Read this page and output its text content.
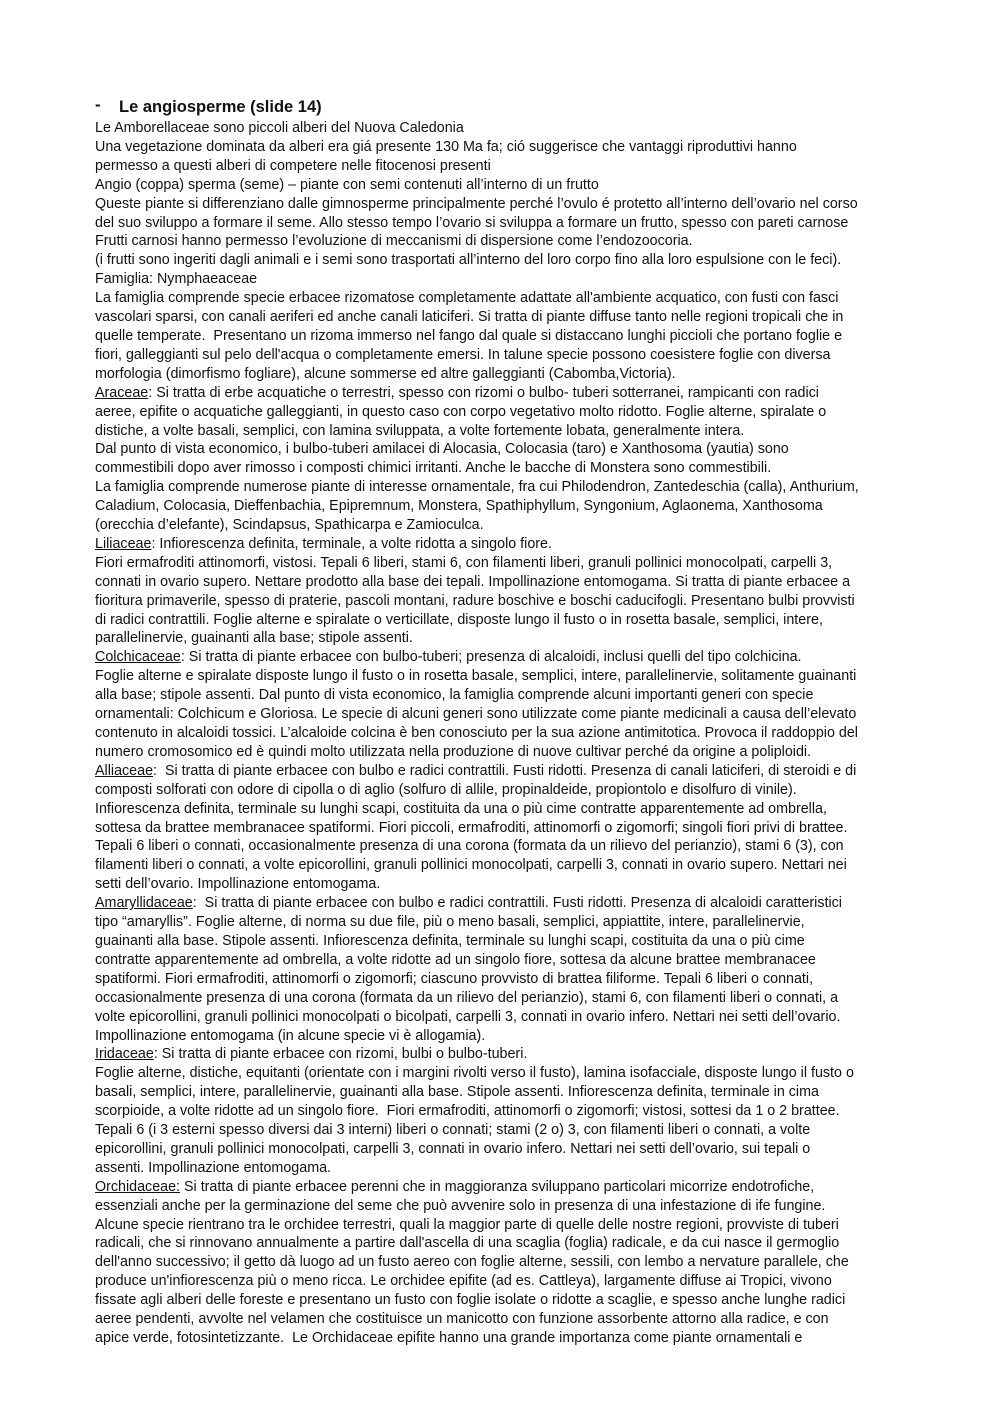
- Le angiosperme (slide 14)
Le Amborellaceae sono piccoli alberi del Nuova Caledonia
Una vegetazione dominata da alberi era giá presente 130 Ma fa; ció suggerisce che vantaggi riproduttivi hanno
permesso a questi alberi di competere nelle fitocenosi presenti
Angio (coppa) sperma (seme) – piante con semi contenuti all’interno di un frutto
Queste piante si differenziano dalle gimnosperme principalmente perché l’ovulo é protetto all’interno dell’ovario nel corso
del suo sviluppo a formare il seme. Allo stesso tempo l’ovario si sviluppa a formare un frutto, spesso con pareti carnose
Frutti carnosi hanno permesso l’evoluzione di meccanismi di dispersione come l’endozoocoria.
(i frutti sono ingeriti dagli animali e i semi sono trasportati all’interno del loro corpo fino alla loro espulsione con le feci).
Famiglia: Nymphaeaceae
La famiglia comprende specie erbacee rizomatose completamente adattate all'ambiente acquatico, con fusti con fasci
vascolari sparsi, con canali aeriferi ed anche canali laticiferi. Si tratta di piante diffuse tanto nelle regioni tropicali che in
quelle temperate.  Presentano un rizoma immerso nel fango dal quale si distaccano lunghi piccioli che portano foglie e
fiori, galleggianti sul pelo dell'acqua o completamente emersi. In talune specie possono coesistere foglie con diversa
morfologia (dimorfismo fogliare), alcune sommerse ed altre galleggianti (Cabomba,Victoria).
Araceae: Si tratta di erbe acquatiche o terrestri, spesso con rizomi o bulbo- tuberi sotterranei, rampicanti con radici
aeree, epifite o acquatiche galleggianti, in questo caso con corpo vegetativo molto ridotto. Foglie alterne, spiralate o
distiche, a volte basali, semplici, con lamina sviluppata, a volte fortemente lobata, generalmente intera.
Dal punto di vista economico, i bulbo-tuberi amilacei di Alocasia, Colocasia (taro) e Xanthosoma (yautia) sono
commestibili dopo aver rimosso i composti chimici irritanti. Anche le bacche di Monstera sono commestibili.
La famiglia comprende numerose piante di interesse ornamentale, fra cui Philodendron, Zantedeschia (calla), Anthurium,
Caladium, Colocasia, Dieffenbachia, Epipremnum, Monstera, Spathiphyllum, Syngonium, Aglaonema, Xanthosoma
(orecchia d’elefante), Scindapsus, Spathicarpa e Zamioculca.
Liliaceae: Infiorescenza definita, terminale, a volte ridotta a singolo fiore.
Fiori ermafroditi attinomorfi, vistosi. Tepali 6 liberi, stami 6, con filamenti liberi, granuli pollinici monocolpati, carpelli 3,
connati in ovario supero. Nettare prodotto alla base dei tepali. Impollinazione entomogama. Si tratta di piante erbacee a
fioritura primaverile, spesso di praterie, pascoli montani, radure boschive e boschi caducifogli. Presentano bulbi provvisti
di radici contrattili. Foglie alterne e spiralate o verticillate, disposte lungo il fusto o in rosetta basale, semplici, intere,
parallelinervie, guainanti alla base; stipole assenti.
Colchicaceae: Si tratta di piante erbacee con bulbo-tuberi; presenza di alcaloidi, inclusi quelli del tipo colchicina.
Foglie alterne e spiralate disposte lungo il fusto o in rosetta basale, semplici, intere, parallelinervie, solitamente guainanti
alla base; stipole assenti. Dal punto di vista economico, la famiglia comprende alcuni importanti generi con specie
ornamentali: Colchicum e Gloriosa. Le specie di alcuni generi sono utilizzate come piante medicinali a causa dell’elevato
contenuto in alcaloidi tossici. L’alcaloide colcina è ben conosciuto per la sua azione antimitotica. Provoca il raddoppio del
numero cromosomico ed è quindi molto utilizzata nella produzione di nuove cultivar perché da origine a poliploidi.
Alliaceae:  Si tratta di piante erbacee con bulbo e radici contrattili. Fusti ridotti. Presenza di canali laticiferi, di steroidi e di
composti solforati con odore di cipolla o di aglio (solfuro di allile, propinaldeide, propiontolo e disolfuro di vinile).
Infiorescenza definita, terminale su lunghi scapi, costituita da una o più cime contratte apparentemente ad ombrella,
sottesa da brattee membranacee spatiformi. Fiori piccoli, ermafroditi, attinomorfi o zigomorfi; singoli fiori privi di brattee.
Tepali 6 liberi o connati, occasionalmente presenza di una corona (formata da un rilievo del perianzio), stami 6 (3), con
filamenti liberi o connati, a volte epicorollini, granuli pollinici monocolpati, carpelli 3, connati in ovario supero. Nettari nei
setti dell’ovario. Impollinazione entomogama.
Amaryllidaceae:  Si tratta di piante erbacee con bulbo e radici contrattili. Fusti ridotti. Presenza di alcaloidi caratteristici
tipo “amaryllis”. Foglie alterne, di norma su due file, più o meno basali, semplici, appiattite, intere, parallelinervie,
guainanti alla base. Stipole assenti. Infiorescenza definita, terminale su lunghi scapi, costituita da una o più cime
contratte apparentemente ad ombrella, a volte ridotte ad un singolo fiore, sottesa da alcune brattee membranacee
spatiformi. Fiori ermafroditi, attinomorfi o zigomorfi; ciascuno provvisto di brattea filiforme. Tepali 6 liberi o connati,
occasionalmente presenza di una corona (formata da un rilievo del perianzio), stami 6, con filamenti liberi o connati, a
volte epicorollini, granuli pollinici monocolpati o bicolpati, carpelli 3, connati in ovario infero. Nettari nei setti dell’ovario.
Impollinazione entomogama (in alcune specie vi è allogamia).
Iridaceae: Si tratta di piante erbacee con rizomi, bulbi o bulbo-tuberi.
Foglie alterne, distiche, equitanti (orientate con i margini rivolti verso il fusto), lamina isofacciale, disposte lungo il fusto o
basali, semplici, intere, parallelinervie, guainanti alla base. Stipole assenti. Infiorescenza definita, terminale in cima
scorpioide, a volte ridotte ad un singolo fiore.  Fiori ermafroditi, attinomorfi o zigomorfi; vistosi, sottesi da 1 o 2 brattee.
Tepali 6 (i 3 esterni spesso diversi dai 3 interni) liberi o connati; stami (2 o) 3, con filamenti liberi o connati, a volte
epicorollini, granuli pollinici monocolpati, carpelli 3, connati in ovario infero. Nettari nei setti dell’ovario, sui tepali o
assenti. Impollinazione entomogama.
Orchidaceae: Si tratta di piante erbacee perenni che in maggioranza sviluppano particolari micorrize endotrofiche,
essenziali anche per la germinazione del seme che può avvenire solo in presenza di una infestazione di ife fungine.
Alcune specie rientrano tra le orchidee terrestri, quali la maggior parte di quelle delle nostre regioni, provviste di tuberi
radicali, che si rinnovano annualmente a partire dall'ascella di una scaglia (foglia) radicale, e da cui nasce il germoglio
dell'anno successivo; il getto dà luogo ad un fusto aereo con foglie alterne, sessili, con lembo a nervature parallele, che
produce un'infiorescenza più o meno ricca. Le orchidee epifite (ad es. Cattleya), largamente diffuse ai Tropici, vivono
fissate agli alberi delle foreste e presentano un fusto con foglie isolate o ridotte a scaglie, e spesso anche lunghe radici
aeree pendenti, avvolte nel velamen che costituisce un manicotto con funzione assorbente attorno alla radice, e con
apice verde, fotosintetizzante.  Le Orchidaceae epifite hanno una grande importanza come piante ornamentali e
